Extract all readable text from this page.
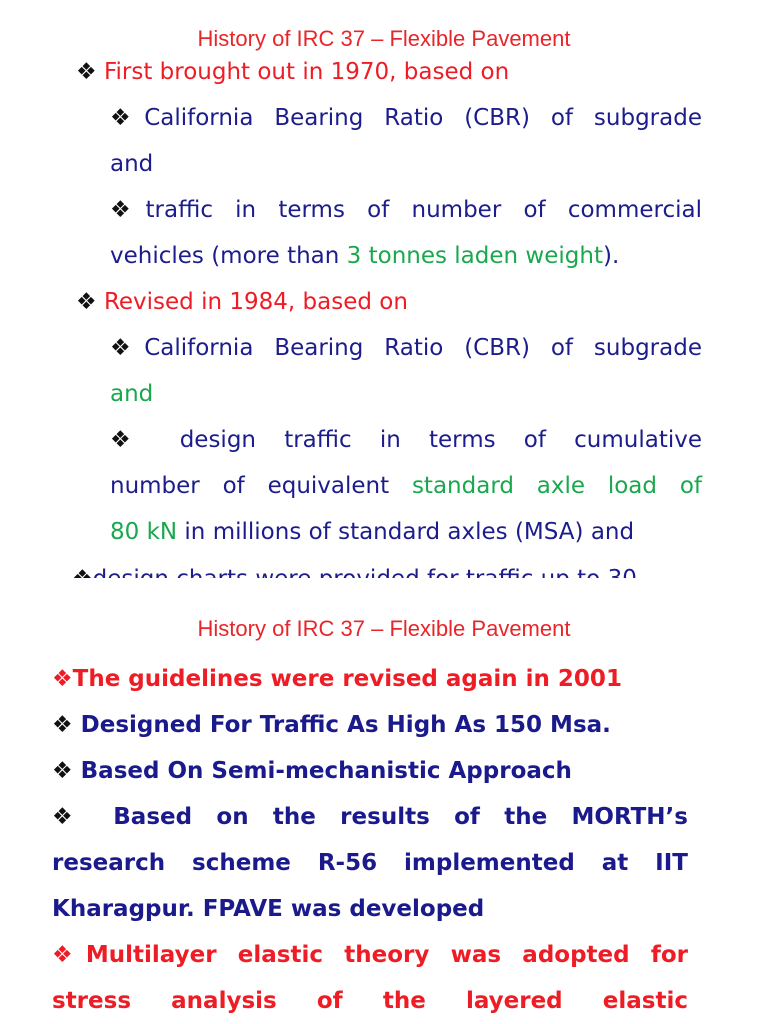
History of IRC 37 – Flexible Pavement
❖ First brought out in 1970, based on
❖California Bearing Ratio (CBR) of subgrade
and
❖traffic in terms of number of commercial
vehicles (more than 3 tonnes laden weight).
❖ Revised in 1984, based on
❖California Bearing Ratio (CBR) of subgrade
and
❖ design traffic in terms of cumulative
number of equivalent standard axle load of
80 kN in millions of standard axles (MSA) and
History of IRC 37 – Flexible Pavement
❖The guidelines were revised again in 2001
❖ Designed For Traffic As High As 150 Msa.
❖ Based On Semi-mechanistic Approach
❖ Based on the results of the MORTH’s
research scheme R-56 implemented at IIT
Kharagpur. FPAVE was developed
❖Multilayer elastic theory was adopted for
stress analysis of the layered elastic
